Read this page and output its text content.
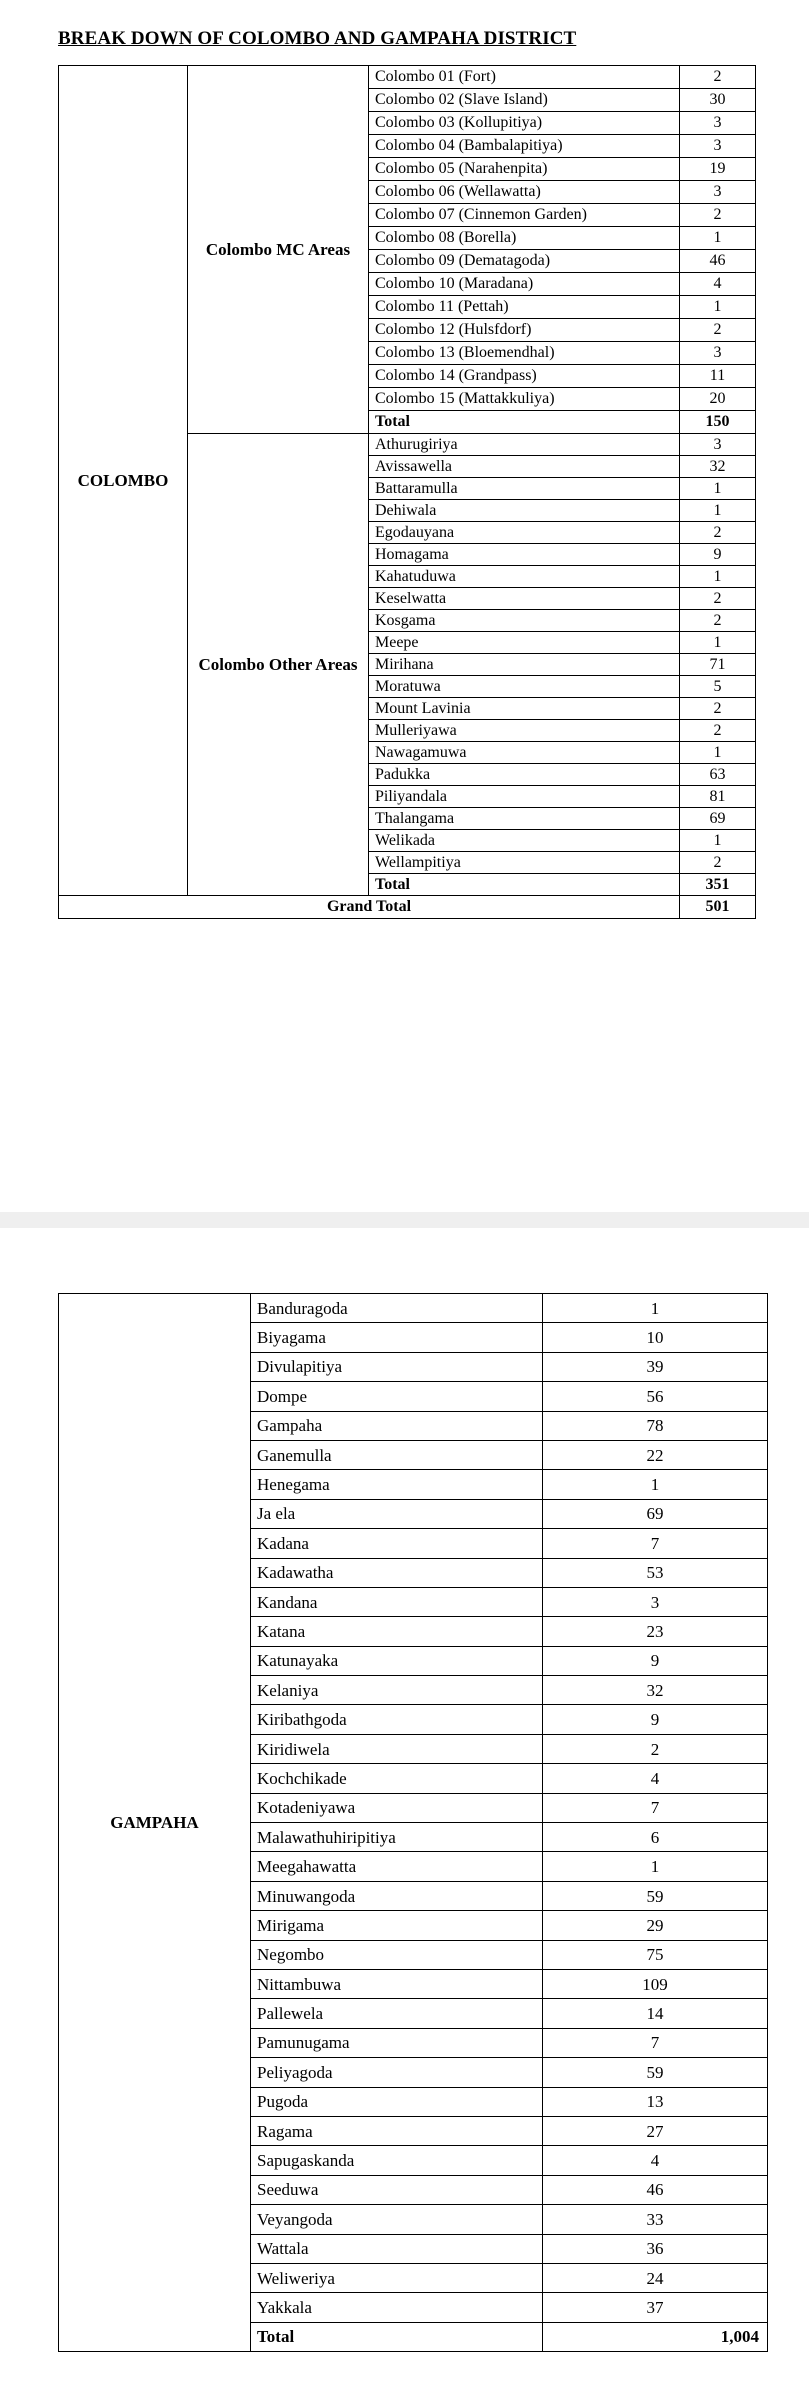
BREAK DOWN OF COLOMBO AND GAMPAHA DISTRICT
COLOMBO	Colombo MC Areas	Colombo 01 (Fort)	2
		Colombo 02 (Slave Island)	30
		Colombo 03 (Kollupitiya)	3
		Colombo 04 (Bambalapitiya)	3
		Colombo 05 (Narahenpita)	19
		Colombo 06 (Wellawatta)	3
		Colombo 07 (Cinnemon Garden)	2
		Colombo 08 (Borella)	1
		Colombo 09 (Dematagoda)	46
		Colombo 10 (Maradana)	4
		Colombo 11 (Pettah)	1
		Colombo 12 (Hulsfdorf)	2
		Colombo 13 (Bloemendhal)	3
		Colombo 14 (Grandpass)	11
		Colombo 15 (Mattakkuliya)	20
		Total	150
	Colombo Other Areas	Athurugiriya	3
		Avissawella	32
		Battaramulla	1
		Dehiwala	1
		Egodauyana	2
		Homagama	9
		Kahatuduwa	1
		Keselwatta	2
		Kosgama	2
		Meepe	1
		Mirihana	71
		Moratuwa	5
		Mount Lavinia	2
		Mulleriyawa	2
		Nawagamuwa	1
		Padukka	63
		Piliyandala	81
		Thalangama	69
		Welikada	1
		Wellampitiya	2
		Total	351
Grand Total			501
GAMPAHA	Banduragoda	1
	Biyagama	10
	Divulapitiya	39
	Dompe	56
	Gampaha	78
	Ganemulla	22
	Henegama	1
	Ja ela	69
	Kadana	7
	Kadawatha	53
	Kandana	3
	Katana	23
	Katunayaka	9
	Kelaniya	32
	Kiribathgoda	9
	Kiridiwela	2
	Kochchikade	4
	Kotadeniyawa	7
	Malawathuhiripitiya	6
	Meegahawatta	1
	Minuwangoda	59
	Mirigama	29
	Negombo	75
	Nittambuwa	109
	Pallewela	14
	Pamunugama	7
	Peliyagoda	59
	Pugoda	13
	Ragama	27
	Sapugaskanda	4
	Seeduwa	46
	Veyangoda	33
	Wattala	36
	Weliweriya	24
	Yakkala	37
	Total	1,004
